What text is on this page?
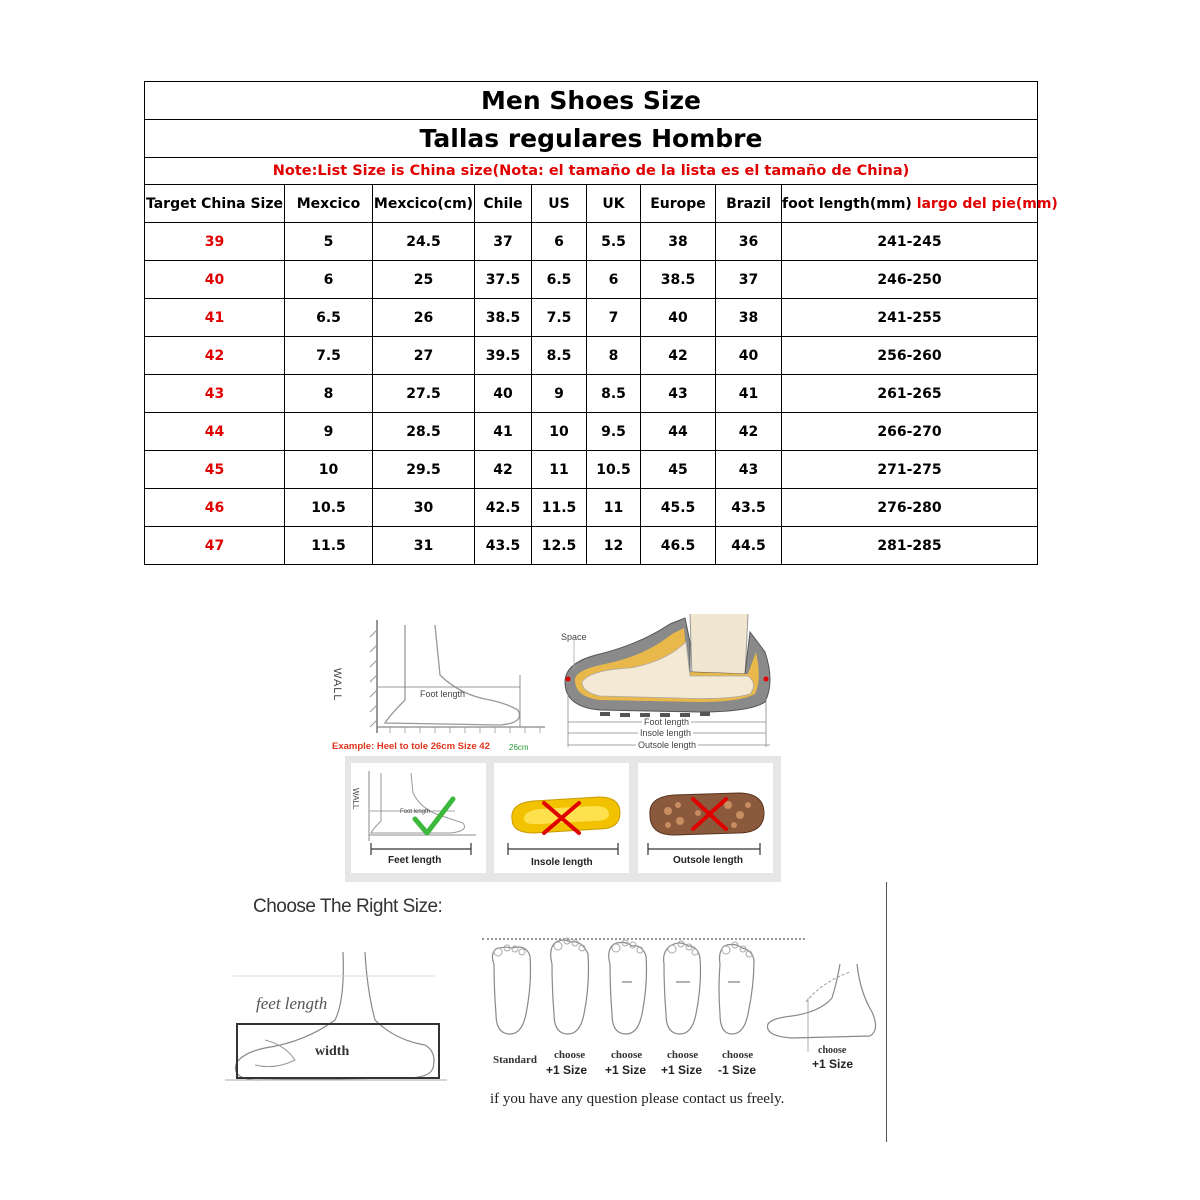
Men Shoes Size								
Tallas regulares Hombre								
Note:List Size is China size(Nota: el tamaño de la lista es el tamaño de China)								
Target China Size	Mexcico	Mexcico(cm)	Chile	US	UK	Europe	Brazil	foot length(mm) largo del pie(mm)
39	5	24.5	37	6	5.5	38	36	241-245
40	6	25	37.5	6.5	6	38.5	37	246-250
41	6.5	26	38.5	7.5	7	40	38	241-255
42	7.5	27	39.5	8.5	8	42	40	256-260
43	8	27.5	40	9	8.5	43	41	261-265
44	9	28.5	41	10	9.5	44	42	266-270
45	10	29.5	42	11	10.5	45	43	271-275
46	10.5	30	42.5	11.5	11	45.5	43.5	276-280
47	11.5	31	43.5	12.5	12	46.5	44.5	281-285
WALL	Foot length
Example: Heel to tole 26cm Size 42 26cm
Space
Foot length
Insole length
Outsole length
WALL
Foot length
Feet length	Insole length	Outsole length
Choose The Right Size:
feet length
width
Standard choose
+1 Size
choose
+1 Size
choose
+1 Size
choose
-1 Size
choose
+1 Size
if you have any question please contact us freely.
